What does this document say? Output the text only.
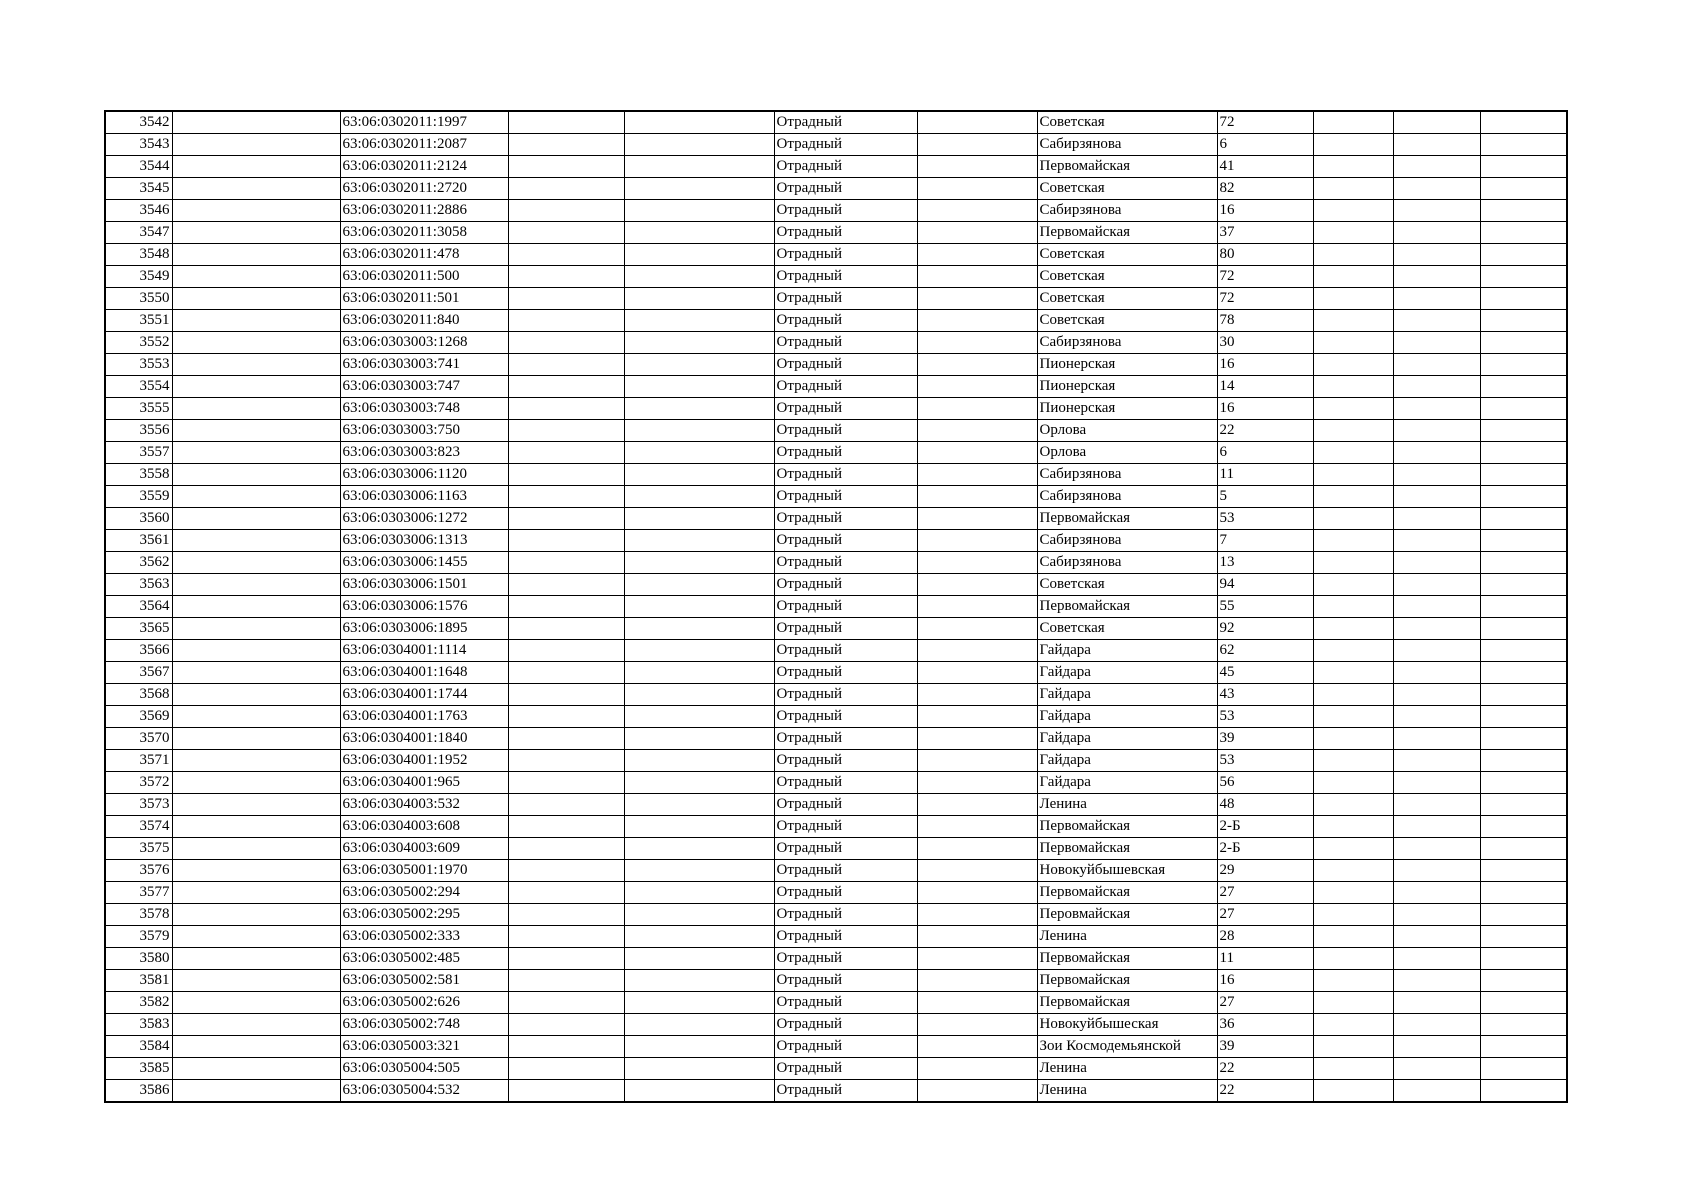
3542		63:06:0302011:1997			Отрадный		Советская	72			
3543		63:06:0302011:2087			Отрадный		Сабирзянова	6			
3544		63:06:0302011:2124			Отрадный		Первомайская	41			
3545		63:06:0302011:2720			Отрадный		Советская	82			
3546		63:06:0302011:2886			Отрадный		Сабирзянова	16			
3547		63:06:0302011:3058			Отрадный		Первомайская	37			
3548		63:06:0302011:478			Отрадный		Советская	80			
3549		63:06:0302011:500			Отрадный		Советская	72			
3550		63:06:0302011:501			Отрадный		Советская	72			
3551		63:06:0302011:840			Отрадный		Советская	78			
3552		63:06:0303003:1268			Отрадный		Сабирзянова	30			
3553		63:06:0303003:741			Отрадный		Пионерская	16			
3554		63:06:0303003:747			Отрадный		Пионерская	14			
3555		63:06:0303003:748			Отрадный		Пионерская	16			
3556		63:06:0303003:750			Отрадный		Орлова	22			
3557		63:06:0303003:823			Отрадный		Орлова	6			
3558		63:06:0303006:1120			Отрадный		Сабирзянова	11			
3559		63:06:0303006:1163			Отрадный		Сабирзянова	5			
3560		63:06:0303006:1272			Отрадный		Первомайская	53			
3561		63:06:0303006:1313			Отрадный		Сабирзянова	7			
3562		63:06:0303006:1455			Отрадный		Сабирзянова	13			
3563		63:06:0303006:1501			Отрадный		Советская	94			
3564		63:06:0303006:1576			Отрадный		Первомайская	55			
3565		63:06:0303006:1895			Отрадный		Советская	92			
3566		63:06:0304001:1114			Отрадный		Гайдара	62			
3567		63:06:0304001:1648			Отрадный		Гайдара	45			
3568		63:06:0304001:1744			Отрадный		Гайдара	43			
3569		63:06:0304001:1763			Отрадный		Гайдара	53			
3570		63:06:0304001:1840			Отрадный		Гайдара	39			
3571		63:06:0304001:1952			Отрадный		Гайдара	53			
3572		63:06:0304001:965			Отрадный		Гайдара	56			
3573		63:06:0304003:532			Отрадный		Ленина	48			
3574		63:06:0304003:608			Отрадный		Первомайская	2-Б			
3575		63:06:0304003:609			Отрадный		Первомайская	2-Б			
3576		63:06:0305001:1970			Отрадный		Новокуйбышевская	29			
3577		63:06:0305002:294			Отрадный		Первомайская	27			
3578		63:06:0305002:295			Отрадный		Перовмайская	27			
3579		63:06:0305002:333			Отрадный		Ленина	28			
3580		63:06:0305002:485			Отрадный		Первомайская	11			
3581		63:06:0305002:581			Отрадный		Первомайская	16			
3582		63:06:0305002:626			Отрадный		Первомайская	27			
3583		63:06:0305002:748			Отрадный		Новокуйбышеская	36			
3584		63:06:0305003:321			Отрадный		Зои Космодемьянской	39			
3585		63:06:0305004:505			Отрадный		Ленина	22			
3586		63:06:0305004:532			Отрадный		Ленина	22			
